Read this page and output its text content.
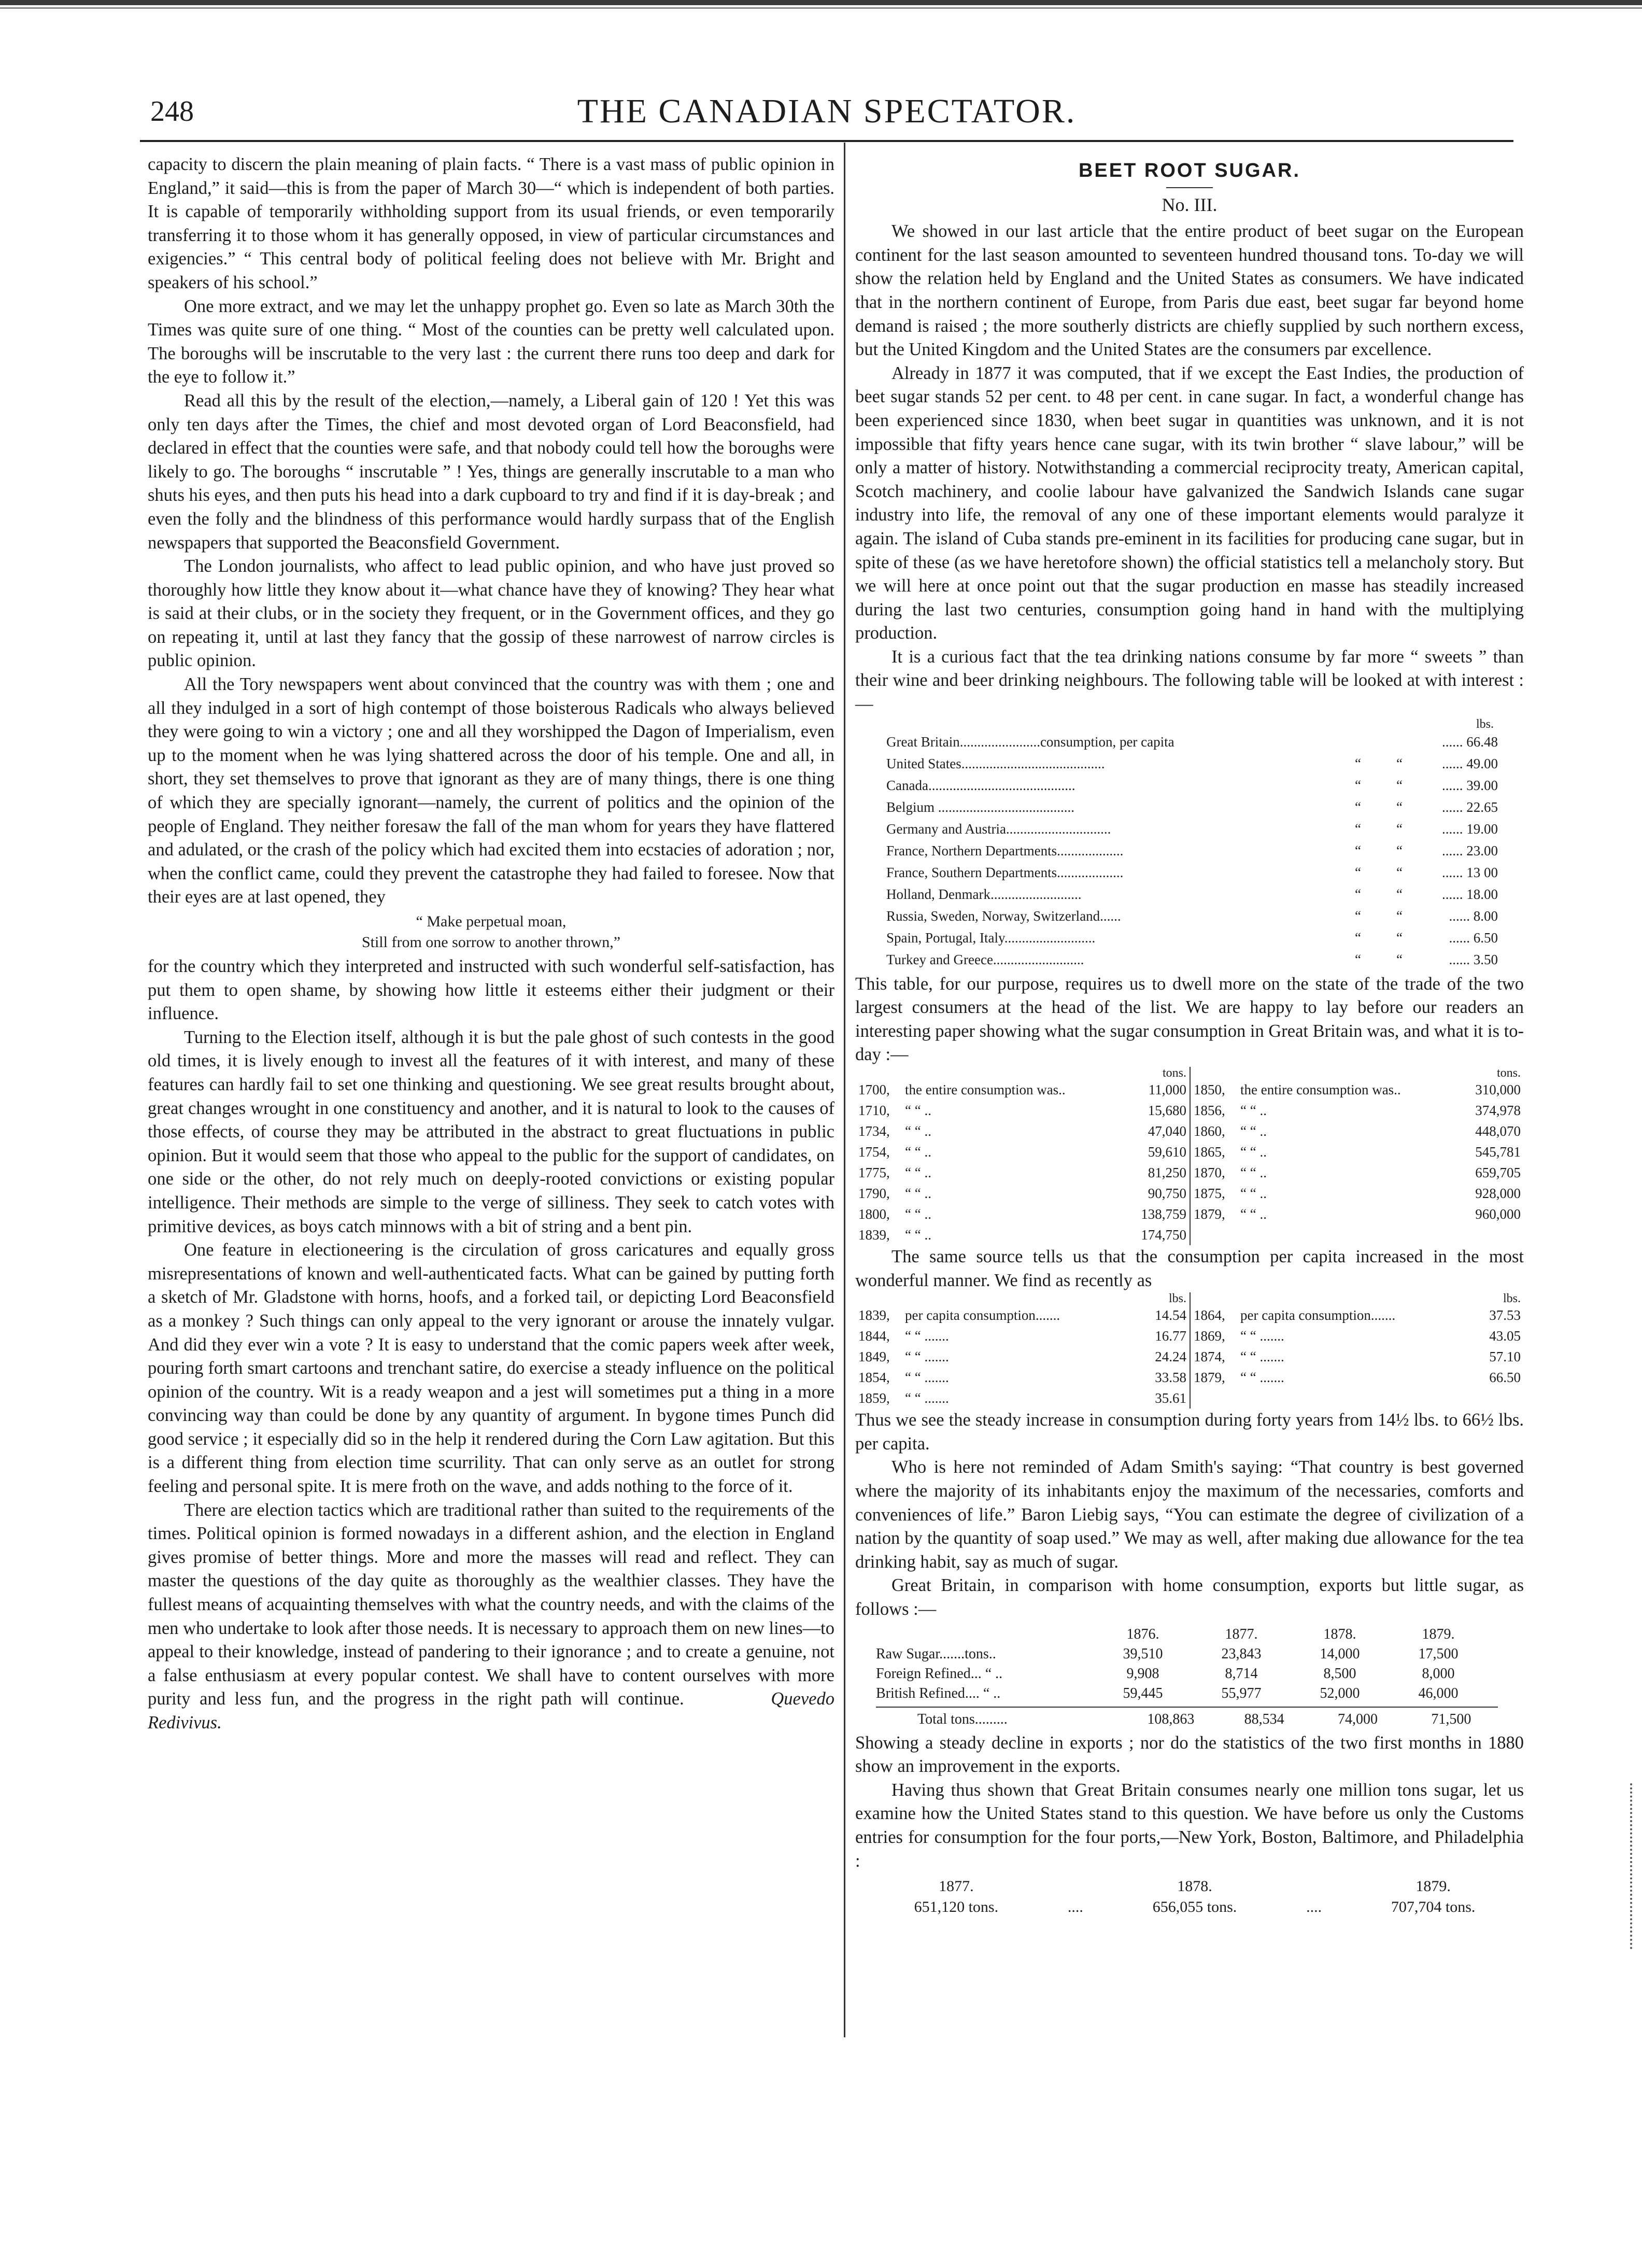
248	THE CANADIAN SPECTATOR.

capacity to discern the plain meaning of plain facts. “ There is a vast mass of public opinion in England,” it said—this is from the paper of March 30—“ which is independent of both parties. It is capable of temporarily withholding support from its usual friends, or even temporarily transferring it to those whom it has generally opposed, in view of particular circumstances and exigencies.” “ This central body of political feeling does not believe with Mr. Bright and speakers of his school.”

One more extract, and we may let the unhappy prophet go. Even so late as March 30th the Times was quite sure of one thing. “ Most of the counties can be pretty well calculated upon. The boroughs will be inscrutable to the very last : the current there runs too deep and dark for the eye to follow it.”

Read all this by the result of the election,—namely, a Liberal gain of 120 ! Yet this was only ten days after the Times, the chief and most devoted organ of Lord Beaconsfield, had declared in effect that the counties were safe, and that nobody could tell how the boroughs were likely to go. The boroughs “ inscrutable ” ! Yes, things are generally inscrutable to a man who shuts his eyes, and then puts his head into a dark cupboard to try and find if it is day-break ; and even the folly and the blindness of this performance would hardly surpass that of the English newspapers that supported the Beaconsfield Government.

The London journalists, who affect to lead public opinion, and who have just proved so thoroughly how little they know about it—what chance have they of knowing? They hear what is said at their clubs, or in the society they frequent, or in the Government offices, and they go on repeating it, until at last they fancy that the gossip of these narrowest of narrow circles is public opinion.

All the Tory newspapers went about convinced that the country was with them ; one and all they indulged in a sort of high contempt of those boisterous Radicals who always believed they were going to win a victory ; one and all they worshipped the Dagon of Imperialism, even up to the moment when he was lying shattered across the door of his temple. One and all, in short, they set themselves to prove that ignorant as they are of many things, there is one thing of which they are specially ignorant—namely, the current of politics and the opinion of the people of England. They neither foresaw the fall of the man whom for years they have flattered and adulated, or the crash of the policy which had excited them into ecstacies of adoration ; nor, when the conflict came, could they prevent the catastrophe they had failed to foresee. Now that their eyes are at last opened, they

“ Make perpetual moan,
Still from one sorrow to another thrown,”

for the country which they interpreted and instructed with such wonderful self-satisfaction, has put them to open shame, by showing how little it esteems either their judgment or their influence.

Turning to the Election itself, although it is but the pale ghost of such contests in the good old times, it is lively enough to invest all the features of it with interest, and many of these features can hardly fail to set one thinking and questioning. We see great results brought about, great changes wrought in one constituency and another, and it is natural to look to the causes of those effects, of course they may be attributed in the abstract to great fluctuations in public opinion. But it would seem that those who appeal to the public for the support of candidates, on one side or the other, do not rely much on deeply-rooted convictions or existing popular intelligence. Their methods are simple to the verge of silliness. They seek to catch votes with primitive devices, as boys catch minnows with a bit of string and a bent pin.

One feature in electioneering is the circulation of gross caricatures and equally gross misrepresentations of known and well-authenticated facts. What can be gained by putting forth a sketch of Mr. Gladstone with horns, hoofs, and a forked tail, or depicting Lord Beaconsfield as a monkey ? Such things can only appeal to the very ignorant or arouse the innately vulgar. And did they ever win a vote ? It is easy to understand that the comic papers week after week, pouring forth smart cartoons and trenchant satire, do exercise a steady influence on the political opinion of the country. Wit is a ready weapon and a jest will sometimes put a thing in a more convincing way than could be done by any quantity of argument. In bygone times Punch did good service ; it especially did so in the help it rendered during the Corn Law agitation. But this is a different thing from election time scurrility. That can only serve as an outlet for strong feeling and personal spite. It is mere froth on the wave, and adds nothing to the force of it.

There are election tactics which are traditional rather than suited to the requirements of the times. Political opinion is formed nowadays in a different ashion, and the election in England gives promise of better things. More and more the masses will read and reflect. They can master the questions of the day quite as thoroughly as the wealthier classes. They have the fullest means of acquainting themselves with what the country needs, and with the claims of the men who undertake to look after those needs. It is necessary to approach them on new lines—to appeal to their knowledge, instead of pandering to their ignorance ; and to create a genuine, not a false enthusiasm at every popular contest. We shall have to content ourselves with more purity and less fun, and the progress in the right path will continue.	Quevedo Redivivus.

BEET ROOT SUGAR.
No. III.

We showed in our last article that the entire product of beet sugar on the European continent for the last season amounted to seventeen hundred thousand tons. To-day we will show the relation held by England and the United States as consumers. We have indicated that in the northern continent of Europe, from Paris due east, beet sugar far beyond home demand is raised ; the more southerly districts are chiefly supplied by such northern excess, but the United Kingdom and the United States are the consumers par excellence.

Already in 1877 it was computed, that if we except the East Indies, the production of beet sugar stands 52 per cent. to 48 per cent. in cane sugar. In fact, a wonderful change has been experienced since 1830, when beet sugar in quantities was unknown, and it is not impossible that fifty years hence cane sugar, with its twin brother “ slave labour,” will be only a matter of history. Notwithstanding a commercial reciprocity treaty, American capital, Scotch machinery, and coolie labour have galvanized the Sandwich Islands cane sugar industry into life, the removal of any one of these important elements would paralyze it again. The island of Cuba stands pre-eminent in its facilities for producing cane sugar, but in spite of these (as we have heretofore shown) the official statistics tell a melancholy story. But we will here at once point out that the sugar production en masse has steadily increased during the last two centuries, consumption going hand in hand with the multiplying production.

It is a curious fact that the tea drinking nations consume by far more “ sweets ” than their wine and beer drinking neighbours. The following table will be looked at with interest :—

lbs.
Great Britain.......................consumption, per capita	...... 66.48
United States.........................................	“	“	...... 49.00
Canada..........................................	“	“	...... 39.00
Belgium .......................................	“	“	...... 22.65
Germany and Austria..............................	“	“	...... 19.00
France, Northern Departments...................	“	“	...... 23.00
France, Southern Departments...................	“	“	...... 13 00
Holland, Denmark..........................	“	“	...... 18.00
Russia, Sweden, Norway, Switzerland......	“	“	...... 8.00
Spain, Portugal, Italy..........................	“	“	...... 6.50
Turkey and Greece..........................	“	“	...... 3.50

This table, for our purpose, requires us to dwell more on the state of the trade of the two largest consumers at the head of the list. We are happy to lay before our readers an interesting paper showing what the sugar consumption in Great Britain was, and what it is to-day :—

tons.
1700,	the entire consumption was..	11,000
1710,	“ “ ..	15,680
1734,	“ “ ..	47,040
1754,	“ “ ..	59,610
1775,	“ “ ..	81,250
1790,	“ “ ..	90,750
1800,	“ “ ..	138,759
1839,	“ “ ..	174,750
tons.
1850,	the entire consumption was..	310,000
1856,	“ “ ..	374,978
1860,	“ “ ..	448,070
1865,	“ “ ..	545,781
1870,	“ “ ..	659,705
1875,	“ “ ..	928,000
1879,	“ “ ..	960,000

The same source tells us that the consumption per capita increased in the most wonderful manner. We find as recently as

lbs.
1839,	per capita consumption.......	14.54
1844,	“ “ .......	16.77
1849,	“ “ .......	24.24
1854,	“ “ .......	33.58
1859,	“ “ .......	35.61
lbs.
1864,	per capita consumption.......	37.53
1869,	“ “ .......	43.05
1874,	“ “ .......	57.10
1879,	“ “ .......	66.50

Thus we see the steady increase in consumption during forty years from 14½ lbs. to 66½ lbs. per capita.

Who is here not reminded of Adam Smith's saying: “That country is best governed where the majority of its inhabitants enjoy the maximum of the necessaries, comforts and conveniences of life.” Baron Liebig says, “You can estimate the degree of civilization of a nation by the quantity of soap used.” We may as well, after making due allowance for the tea drinking habit, say as much of sugar.

Great Britain, in comparison with home consumption, exports but little sugar, as follows :—

1876.	1877.	1878.	1879.
Raw Sugar.......tons..	39,510	23,843	14,000	17,500
Foreign Refined... “ ..	9,908	8,714	8,500	8,000
British Refined.... “ ..	59,445	55,977	52,000	46,000
Total tons.........	108,863	88,534	74,000	71,500

Showing a steady decline in exports ; nor do the statistics of the two first months in 1880 show an improvement in the exports.

Having thus shown that Great Britain consumes nearly one million tons sugar, let us examine how the United States stand to this question. We have before us only the Customs entries for consumption for the four ports,—New York, Boston, Baltimore, and Philadelphia :

1877.	1878.	1879.
651,120 tons.	....	656,055 tons.	....	707,704 tons.
